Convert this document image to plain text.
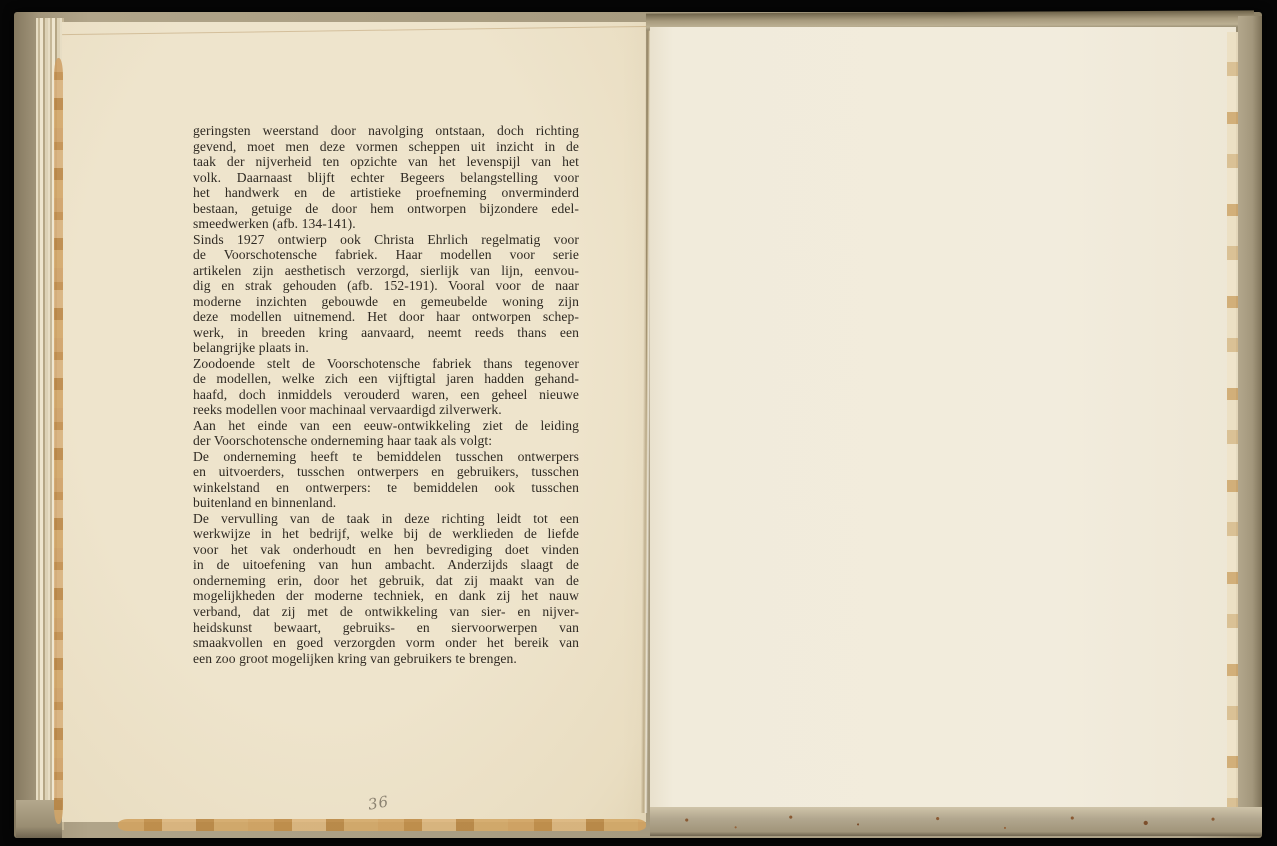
geringsten weerstand door navolging ontstaan, doch richting
gevend, moet men deze vormen scheppen uit inzicht in de
taak der nijverheid ten opzichte van het levenspijl van het
volk. Daarnaast blijft echter Begeers belangstelling voor
het handwerk en de artistieke proefneming onverminderd
bestaan, getuige de door hem ontworpen bijzondere edel-
smeedwerken (afb. 134-141).
Sinds 1927 ontwierp ook Christa Ehrlich regelmatig voor
de Voorschotensche fabriek. Haar modellen voor serie
artikelen zijn aesthetisch verzorgd, sierlijk van lijn, eenvou-
dig en strak gehouden (afb. 152-191). Vooral voor de naar
moderne inzichten gebouwde en gemeubelde woning zijn
deze modellen uitnemend. Het door haar ontworpen schep-
werk, in breeden kring aanvaard, neemt reeds thans een
belangrijke plaats in.
Zoodoende stelt de Voorschotensche fabriek thans tegenover
de modellen, welke zich een vijftigtal jaren hadden gehand-
haafd, doch inmiddels verouderd waren, een geheel nieuwe
reeks modellen voor machinaal vervaardigd zilverwerk.
Aan het einde van een eeuw-ontwikkeling ziet de leiding
der Voorschotensche onderneming haar taak als volgt:
De onderneming heeft te bemiddelen tusschen ontwerpers
en uitvoerders, tusschen ontwerpers en gebruikers, tusschen
winkelstand en ontwerpers: te bemiddelen ook tusschen
buitenland en binnenland.
De vervulling van de taak in deze richting leidt tot een
werkwijze in het bedrijf, welke bij de werklieden de liefde
voor het vak onderhoudt en hen bevrediging doet vinden
in de uitoefening van hun ambacht. Anderzijds slaagt de
onderneming erin, door het gebruik, dat zij maakt van de
mogelijkheden der moderne techniek, en dank zij het nauw
verband, dat zij met de ontwikkeling van sier- en nijver-
heidskunst bewaart, gebruiks- en siervoorwerpen van
smaakvollen en goed verzorgden vorm onder het bereik van
een zoo groot mogelijken kring van gebruikers te brengen.
36
